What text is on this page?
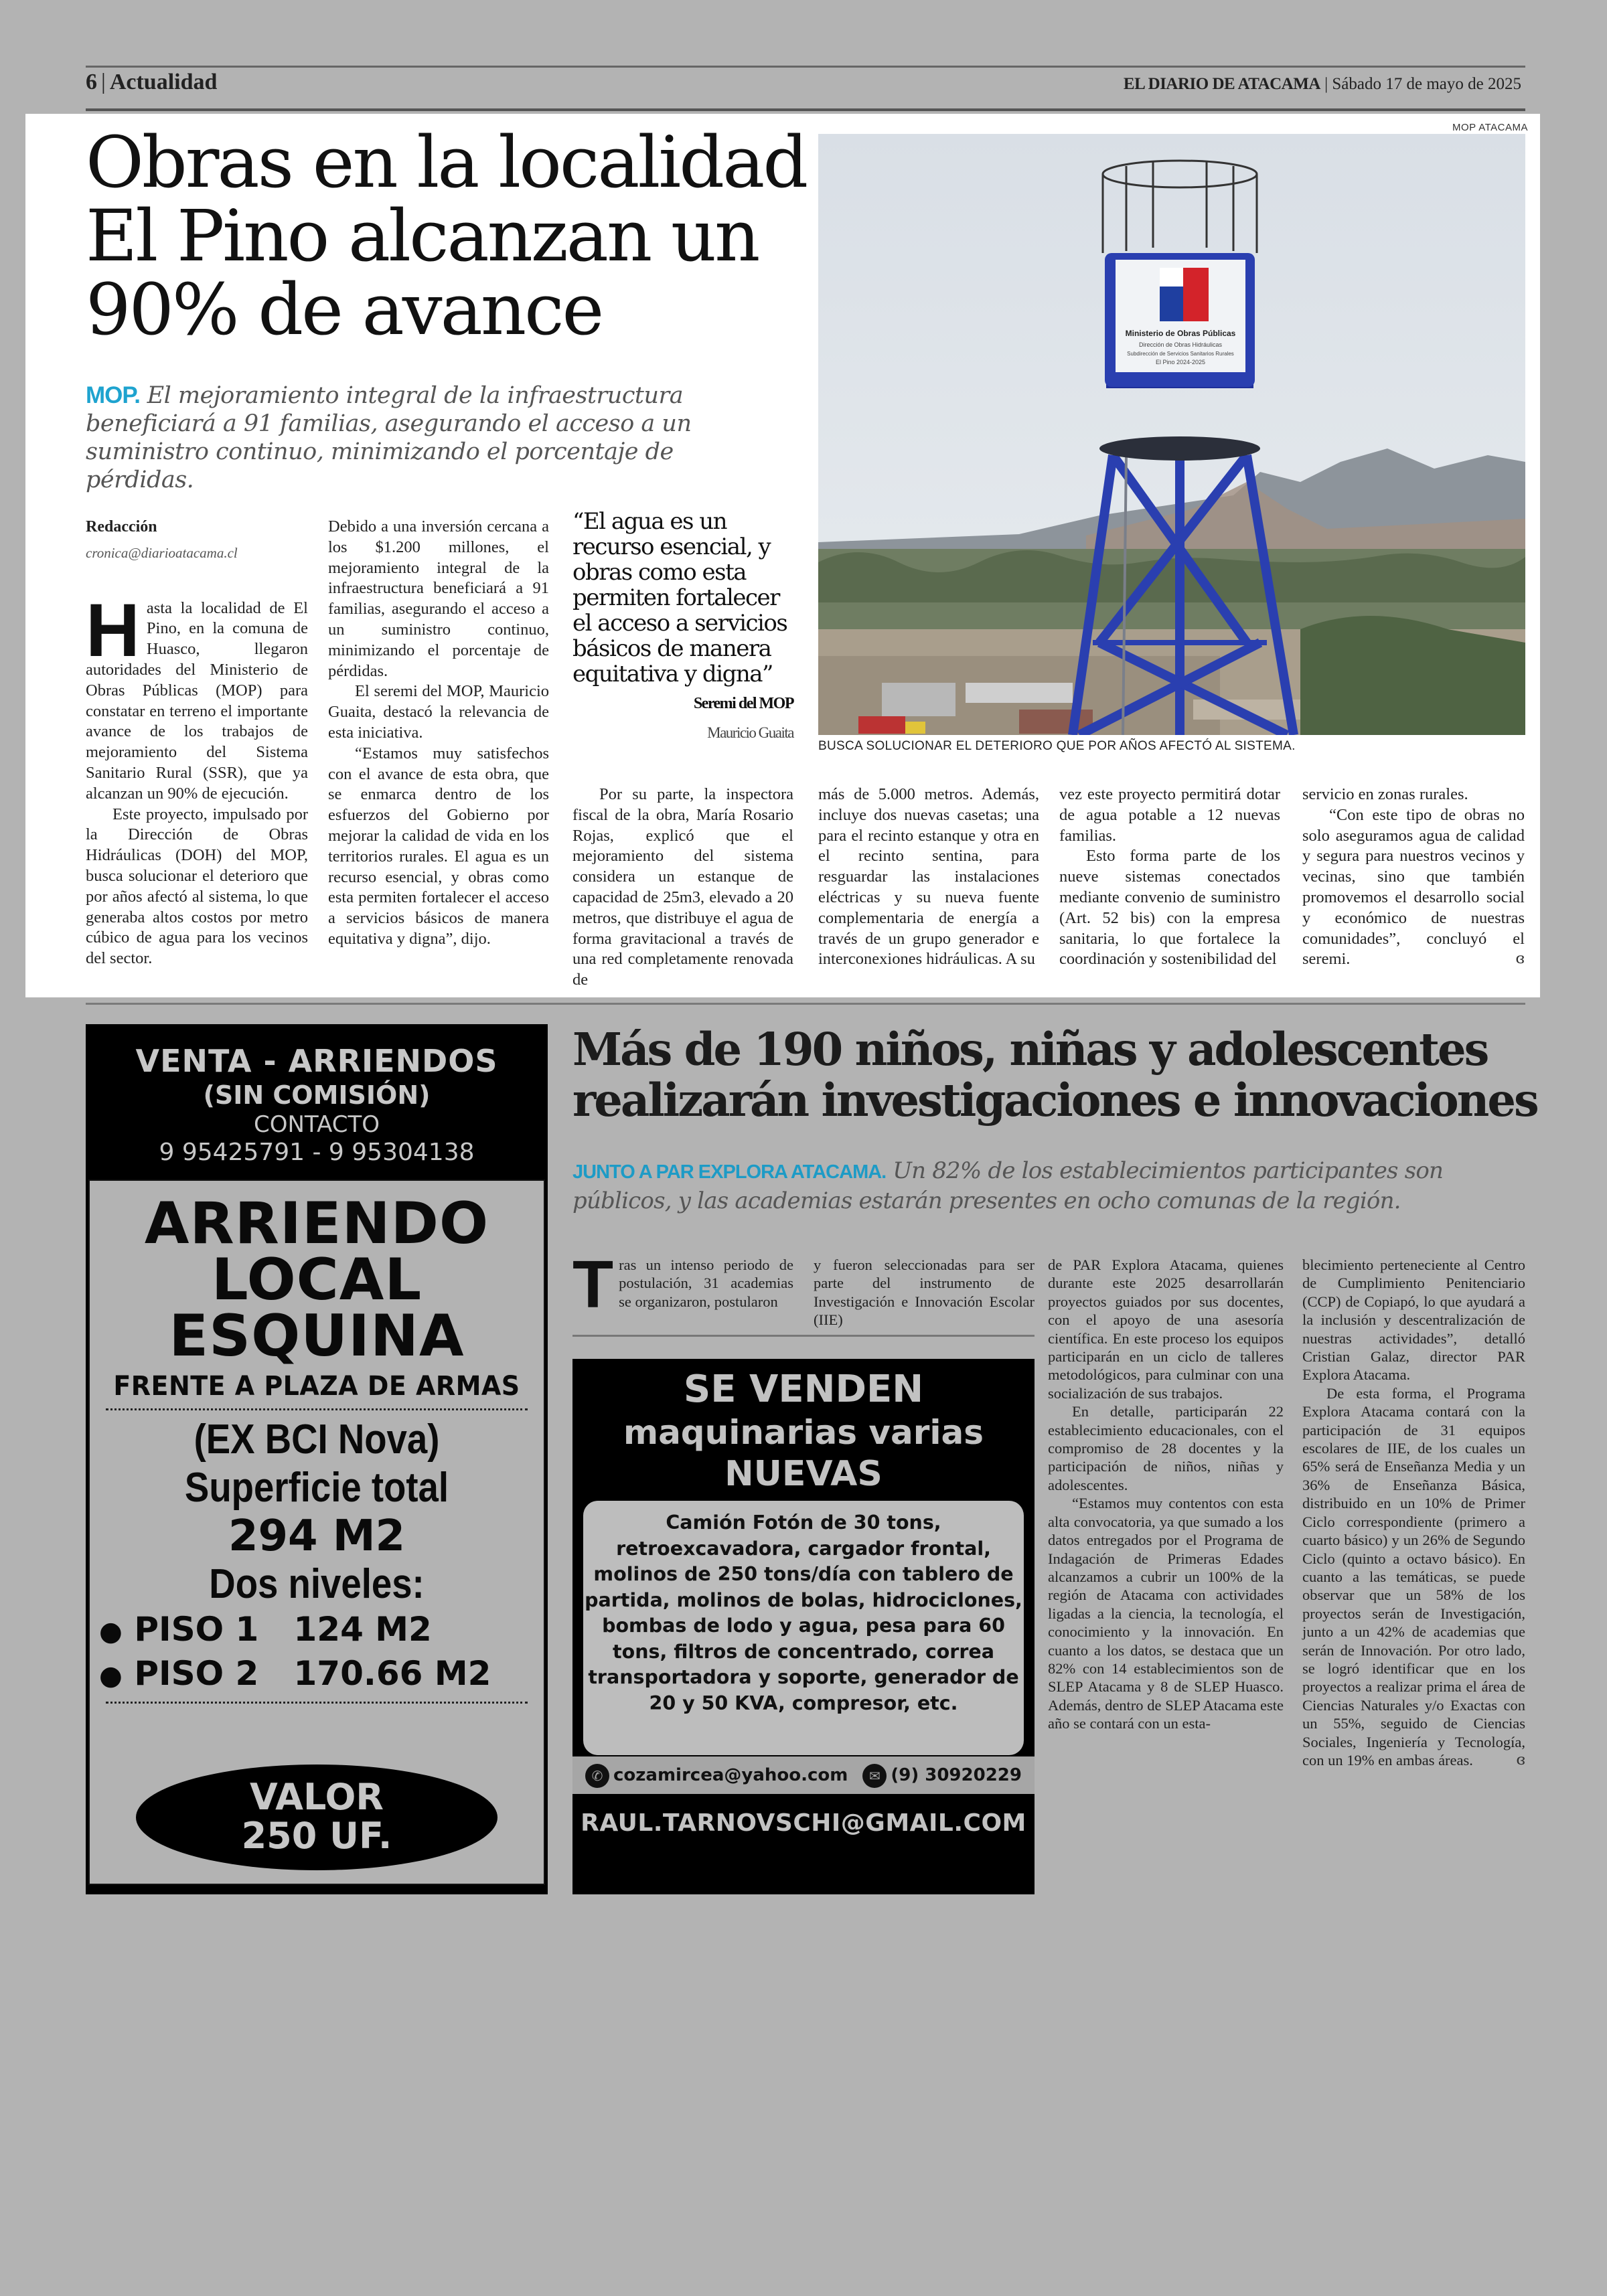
6 | Actualidad	EL DIARIO DE ATACAMA | Sábado 17 de mayo de 2025
MOP ATACAMA
Obras en la localidad
El Pino alcanzan un
90% de avance
MOP. El mejoramiento integral de la infraestructura beneficiará a 91 familias, asegurando el acceso a un suministro continuo, minimizando el porcentaje de pérdidas.
Redacción
cronica@diarioatacama.cl

Hasta la localidad de El Pino, en la comuna de Huasco, llegaron autoridades del Ministerio de Obras Públicas (MOP) para constatar en terreno el importante avance de los trabajos de mejoramiento del Sistema Sanitario Rural (SSR), que ya alcanzan un 90% de ejecución.

Este proyecto, impulsado por la Dirección de Obras Hidráulicas (DOH) del MOP, busca solucionar el deterioro que por años afectó al sistema, lo que generaba altos costos por metro cúbico de agua para los vecinos del sector.

Debido a una inversión cercana a los $1.200 millones, el mejoramiento integral de la infraestructura beneficiará a 91 familias, asegurando el acceso a un suministro continuo, minimizando el porcentaje de pérdidas.

El seremi del MOP, Mauricio Guaita, destacó la relevancia de esta iniciativa.

“Estamos muy satisfechos con el avance de esta obra, que se enmarca dentro de los esfuerzos del Gobierno por mejorar la calidad de vida en los territorios rurales. El agua es un recurso esencial, y obras como esta permiten fortalecer el acceso a servicios básicos de manera equitativa y digna”, dijo.

“El agua es un recurso esencial, y obras como esta permiten fortalecer el acceso a servicios básicos de manera equitativa y digna”
Seremi del MOP
Mauricio Guaita

Por su parte, la inspectora fiscal de la obra, María Rosario Rojas, explicó que el mejoramiento del sistema considera un estanque de capacidad de 25m3, elevado a 20 metros, que distribuye el agua de forma gravitacional a través de una red completamente renovada de

Ministerio de Obras Públicas
Dirección de Obras Hidráulicas
Subdirección de Servicios Sanitarios Rurales
El Pino 2024-2025
BUSCA SOLUCIONAR EL DETERIORO QUE POR AÑOS AFECTÓ AL SISTEMA.

más de 5.000 metros. Además, incluye dos nuevas casetas; una para el recinto estanque y otra en el recinto sentina, para resguardar las instalaciones eléctricas y su nueva fuente complementaria de energía a través de un grupo generador e interconexiones hidráulicas. A su

vez este proyecto permitirá dotar de agua potable a 12 nuevas familias.

Esto forma parte de los nueve sistemas conectados mediante convenio de suministro (Art. 52 bis) con la empresa sanitaria, lo que fortalece la coordinación y sostenibilidad del

servicio en zonas rurales.

“Con este tipo de obras no solo aseguramos agua de calidad y segura para nuestros vecinos y vecinas, sino que también promovemos el desarrollo social y económico de nuestras comunidades”, concluyó el seremi.	ɞ

VENTA - ARRIENDOS
(SIN COMISIÓN)
CONTACTO
9 95425791 - 9 95304138
ARRIENDO
LOCAL
ESQUINA
FRENTE A PLAZA DE ARMAS
(EX BCI Nova)
Superficie total
294 M2
Dos niveles:
● PISO 1   124 M2
● PISO 2   170.66 M2
VALOR
250 UF.
Más de 190 niños, niñas y adolescentes
realizarán investigaciones e innovaciones
JUNTO A PAR EXPLORA ATACAMA. Un 82% de los establecimientos participantes son públicos, y las academias estarán presentes en ocho comunas de la región.

Tras un intenso periodo de postulación, 31 academias se organizaron, postularon

y fueron seleccionadas para ser parte del instrumento de Investigación e Innovación Escolar (IIE)

SE VENDEN
maquinarias varias
NUEVAS
Camión Fotón de 30 tons, retroexcavadora, cargador frontal, molinos de 250 tons/día con tablero de partida, molinos de bolas, hidrociclones, bombas de lodo y agua, pesa para 60 tons, filtros de concentrado, correa transportadora y soporte, generador de 20 y 50 KVA, compresor, etc.
✆ cozamircea@yahoo.com	✉ (9) 30920229
RAUL.TARNOVSCHI@GMAIL.COM

de PAR Explora Atacama, quienes durante este 2025 desarrollarán proyectos guiados por sus docentes, con el apoyo de una asesoría científica. En este proceso los equipos participarán en un ciclo de talleres metodológicos, para culminar con una socialización de sus trabajos.

En detalle, participarán 22 establecimiento educacionales, con el compromiso de 28 docentes y la participación de niños, niñas y adolescentes.

“Estamos muy contentos con esta alta convocatoria, ya que sumado a los datos entregados por el Programa de Indagación de Primeras Edades alcanzamos a cubrir un 100% de la región de Atacama con actividades ligadas a la ciencia, la tecnología, el conocimiento y la innovación. En cuanto a los datos, se destaca que un 82% con 14 establecimientos son de SLEP Atacama y 8 de SLEP Huasco. Además, dentro de SLEP Atacama este año se contará con un esta-

blecimiento perteneciente al Centro de Cumplimiento Penitenciario (CCP) de Copiapó, lo que ayudará a la inclusión y descentralización de nuestras actividades”, detalló Cristian Galaz, director PAR Explora Atacama.

De esta forma, el Programa Explora Atacama contará con la participación de 31 equipos escolares de IIE, de los cuales un 65% será de Enseñanza Media y un 36% de Enseñanza Básica, distribuido en un 10% de Primer Ciclo correspondiente (primero a cuarto básico) y un 26% de Segundo Ciclo (quinto a octavo básico). En cuanto a las temáticas, se puede observar que un 58% de los proyectos serán de Investigación, junto a un 42% de academias que serán de Innovación. Por otro lado, se logró identificar que en los proyectos a realizar prima el área de Ciencias Naturales y/o Exactas con un 55%, seguido de Ciencias Sociales, Ingeniería y Tecnología, con un 19% en ambas áreas.	ɞ
